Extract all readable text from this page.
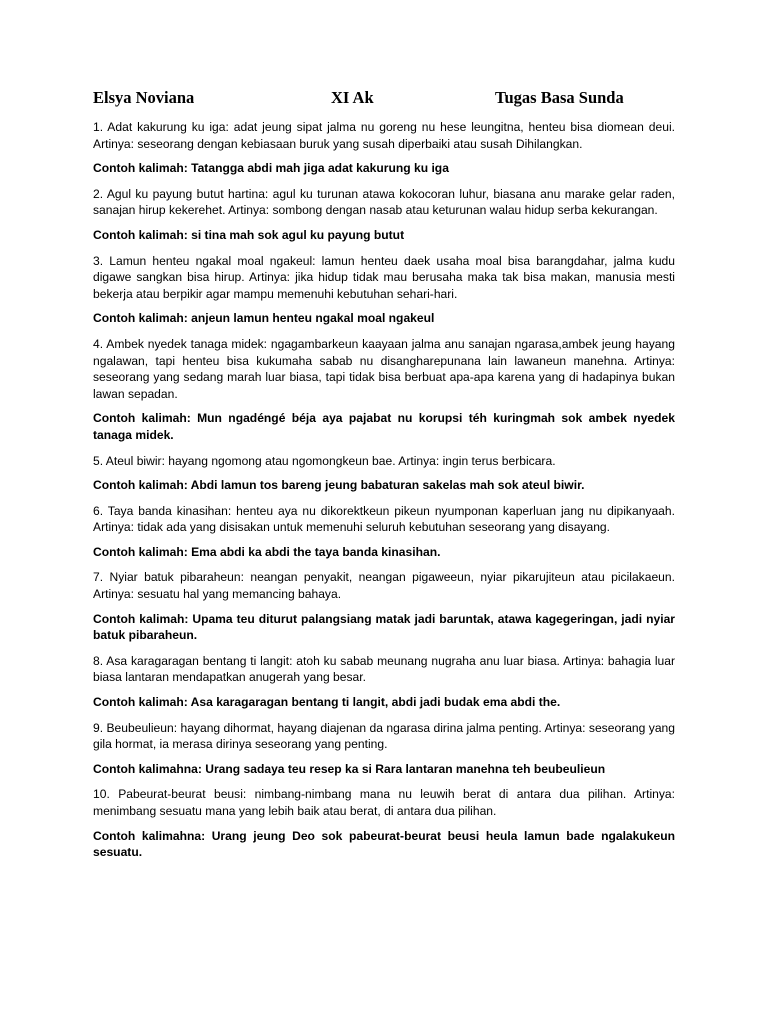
Elsya Noviana	XI Ak	Tugas Basa Sunda

1. Adat kakurung ku iga: adat jeung sipat jalma nu goreng nu hese leungitna, henteu bisa diomean deui. Artinya: seseorang dengan kebiasaan buruk yang susah diperbaiki atau susah Dihilangkan.

Contoh kalimah: Tatangga abdi mah jiga adat kakurung ku iga

2. Agul ku payung butut hartina: agul ku turunan atawa kokocoran luhur, biasana anu marake gelar raden, sanajan hirup kekerehet. Artinya: sombong dengan nasab atau keturunan walau hidup serba kekurangan.

Contoh kalimah: si tina mah sok agul ku payung butut

3. Lamun henteu ngakal moal ngakeul: lamun henteu daek usaha moal bisa barangdahar, jalma kudu digawe sangkan bisa hirup. Artinya: jika hidup tidak mau berusaha maka tak bisa makan, manusia mesti bekerja atau berpikir agar mampu memenuhi kebutuhan sehari-hari.

Contoh kalimah: anjeun lamun henteu ngakal moal ngakeul

4. Ambek nyedek tanaga midek: ngagambarkeun kaayaan jalma anu sanajan ngarasa,ambek jeung hayang ngalawan, tapi henteu bisa kukumaha sabab nu disangharepunana lain lawaneun manehna. Artinya: seseorang yang sedang marah luar biasa, tapi tidak bisa berbuat apa-apa karena yang di hadapinya bukan lawan sepadan.

Contoh kalimah: Mun ngadéngé béja aya pajabat nu korupsi téh kuringmah sok ambek nyedek tanaga midek.

5. Ateul biwir: hayang ngomong atau ngomongkeun bae. Artinya: ingin terus berbicara.

Contoh kalimah: Abdi lamun tos bareng jeung babaturan sakelas mah sok ateul biwir.

6. Taya banda kinasihan: henteu aya nu dikorektkeun pikeun nyumponan kaperluan jang nu dipikanyaah. Artinya: tidak ada yang disisakan untuk memenuhi seluruh kebutuhan seseorang yang disayang.

Contoh kalimah: Ema abdi ka abdi the taya banda kinasihan.

7. Nyiar batuk pibaraheun: neangan penyakit, neangan pigaweeun, nyiar pikarujiteun atau picilakaeun. Artinya: sesuatu hal yang memancing bahaya.

Contoh kalimah: Upama teu diturut palangsiang matak jadi baruntak, atawa kagegeringan, jadi nyiar batuk pibaraheun.

8. Asa karagaragan bentang ti langit: atoh ku sabab meunang nugraha anu luar biasa. Artinya: bahagia luar biasa lantaran mendapatkan anugerah yang besar.

Contoh kalimah: Asa karagaragan bentang ti langit, abdi jadi budak ema abdi the.

9. Beubeulieun: hayang dihormat, hayang diajenan da ngarasa dirina jalma penting. Artinya: seseorang yang gila hormat, ia merasa dirinya seseorang yang penting.

Contoh kalimahna: Urang sadaya teu resep ka si Rara lantaran manehna teh beubeulieun

10. Pabeurat-beurat beusi: nimbang-nimbang mana nu leuwih berat di antara dua pilihan. Artinya: menimbang sesuatu mana yang lebih baik atau berat, di antara dua pilihan.

Contoh kalimahna: Urang jeung Deo sok pabeurat-beurat beusi heula lamun bade ngalakukeun sesuatu.
